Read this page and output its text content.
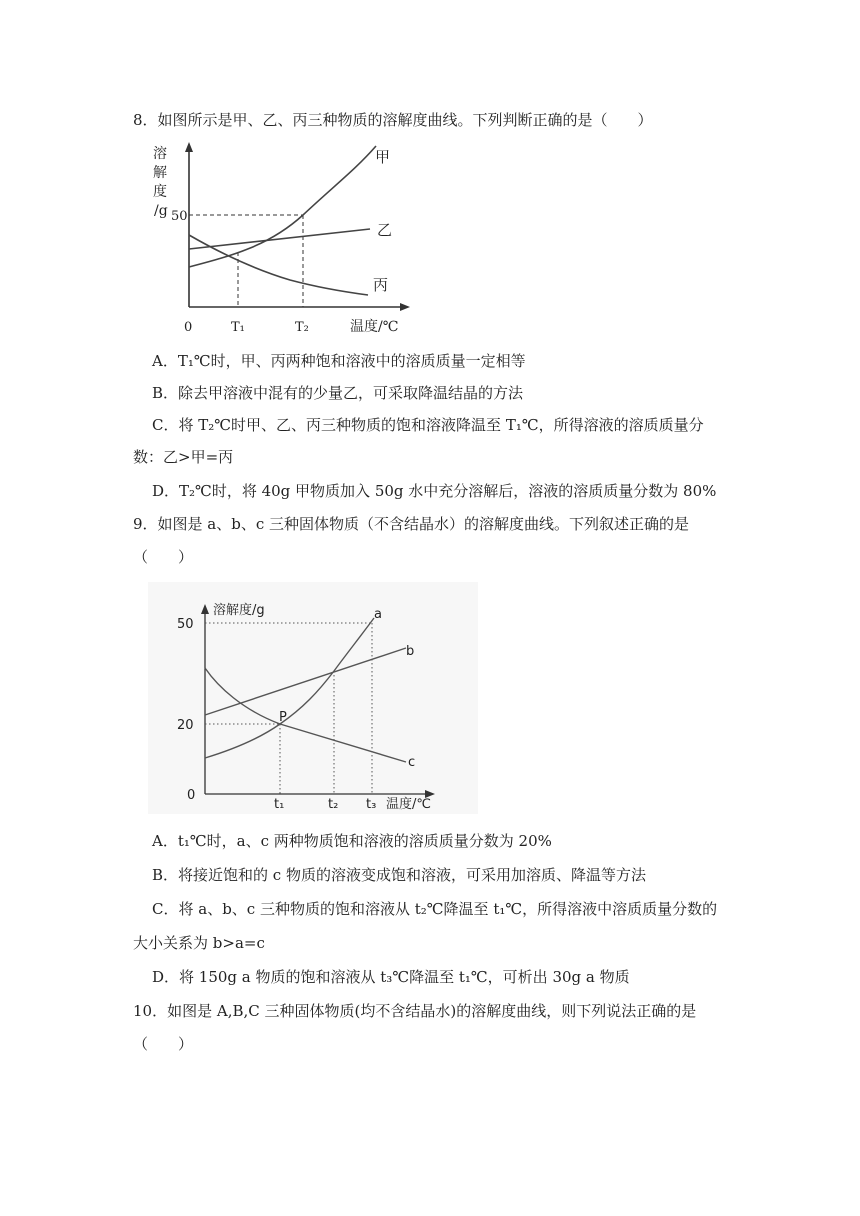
8．如图所示是甲、乙、丙三种物质的溶解度曲线。下列判断正确的是（　　）
溶
解
度
/g 50
甲
乙
丙
0	T₁	T₂	温度/℃
A．T₁℃时，甲、丙两种饱和溶液中的溶质质量一定相等
B．除去甲溶液中混有的少量乙，可采取降温结晶的方法
C．将 T₂℃时甲、乙、丙三种物质的饱和溶液降温至 T₁℃，所得溶液的溶质质量分
数：乙>甲=丙
D．T₂℃时，将 40g 甲物质加入 50g 水中充分溶解后，溶液的溶质质量分数为 80%
9．如图是 a、b、c 三种固体物质（不含结晶水）的溶解度曲线。下列叙述正确的是
（　　）
溶解度/g
50
20
0
a
b
c
P
t₁	t₂ t₃ 温度/℃
A．t₁℃时，a、c 两种物质饱和溶液的溶质质量分数为 20%
B．将接近饱和的 c 物质的溶液变成饱和溶液，可采用加溶质、降温等方法
C．将 a、b、c 三种物质的饱和溶液从 t₂℃降温至 t₁℃，所得溶液中溶质质量分数的
大小关系为 b>a=c
D．将 150g a 物质的饱和溶液从 t₃℃降温至 t₁℃，可析出 30g a 物质
10．如图是 A,B,C 三种固体物质(均不含结晶水)的溶解度曲线，则下列说法正确的是
（　　）
